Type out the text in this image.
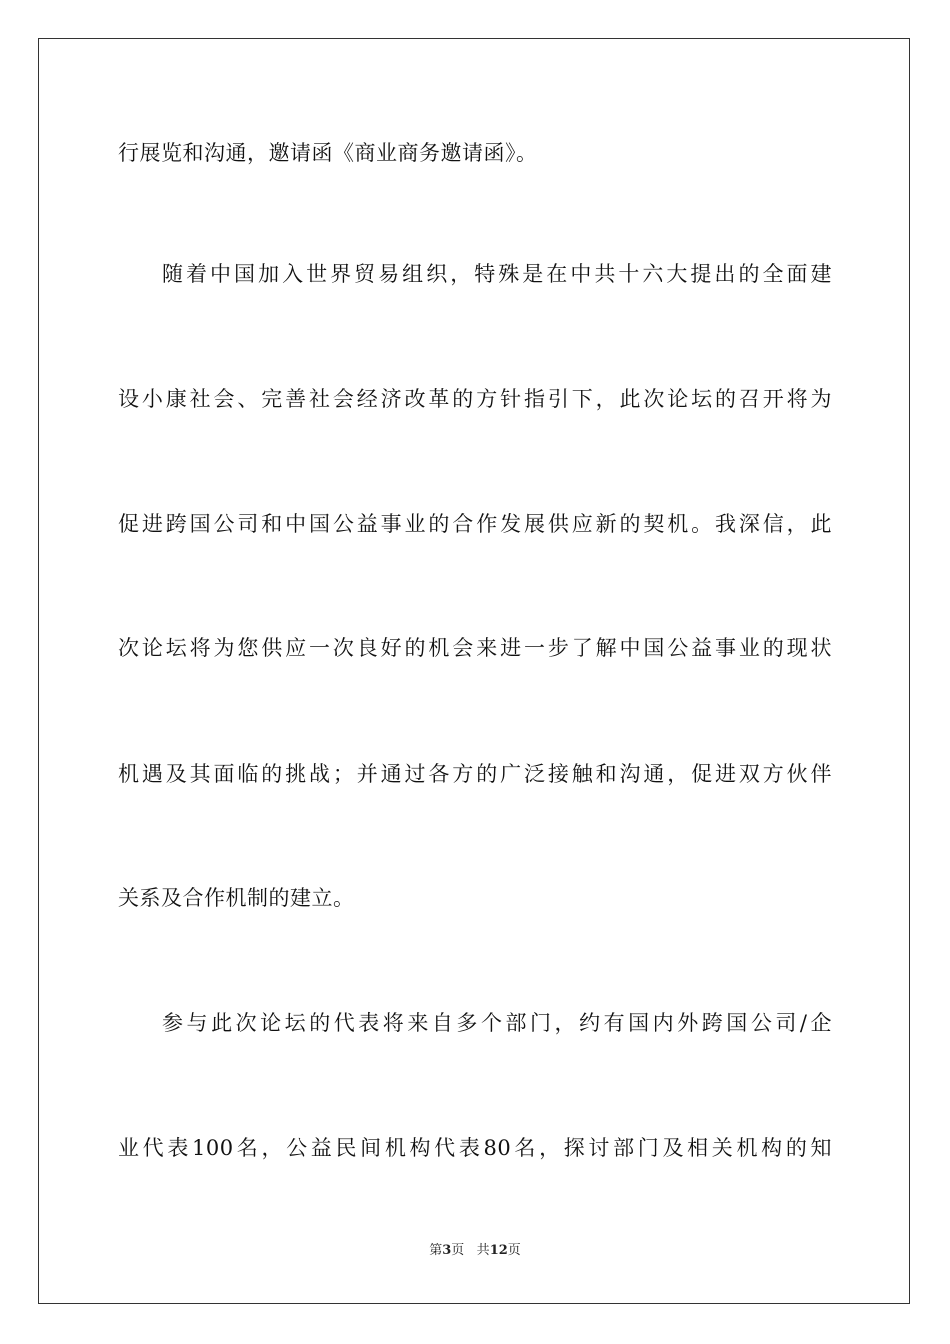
行展览和沟通，邀请函《商业商务邀请函》。
随着中国加入世界贸易组织，特殊是在中共十六大提出的全面建
设小康社会、完善社会经济改革的方针指引下，此次论坛的召开将为
促进跨国公司和中国公益事业的合作发展供应新的契机。我深信，此
次论坛将为您供应一次良好的机会来进一步了解中国公益事业的现状
机遇及其面临的挑战；并通过各方的广泛接触和沟通，促进双方伙伴
关系及合作机制的建立。
参与此次论坛的代表将来自多个部门，约有国内外跨国公司/企
业代表100名，公益民间机构代表80名，探讨部门及相关机构的知
第3页 共12页
